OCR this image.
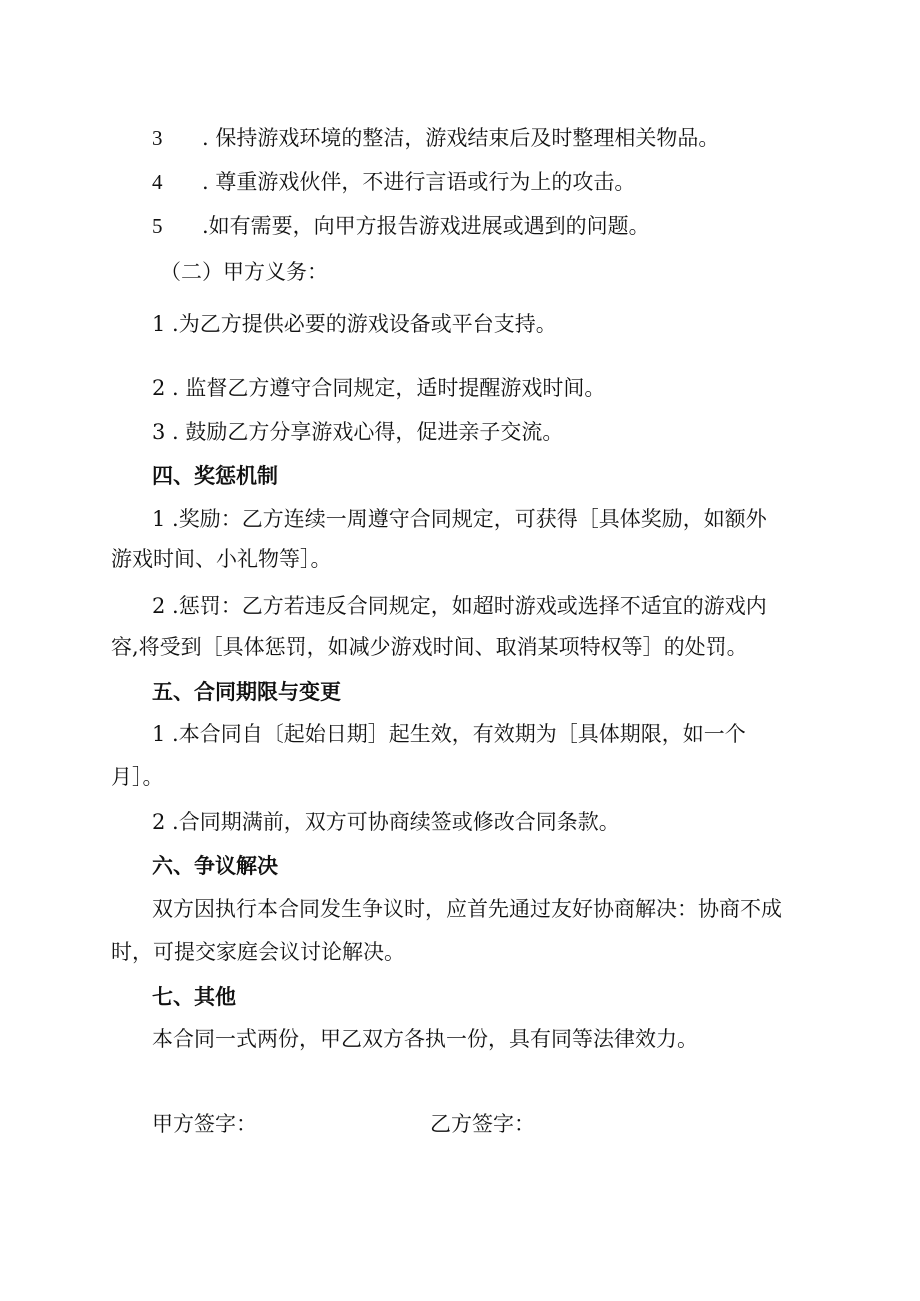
3 . 保持游戏环境的整洁，游戏结束后及时整理相关物品。

4 . 尊重游戏伙伴，不进行言语或行为上的攻击。

5 .如有需要，向甲方报告游戏进展或遇到的问题。

（二）甲方义务：

1 .为乙方提供必要的游戏设备或平台支持。

2 . 监督乙方遵守合同规定，适时提醒游戏时间。

3 . 鼓励乙方分享游戏心得，促进亲子交流。

四、奖惩机制

1 .奖励：乙方连续一周遵守合同规定，可获得［具体奖励，如额外

游戏时间、小礼物等］。

2 .惩罚：乙方若违反合同规定，如超时游戏或选择不适宜的游戏内

容,将受到［具体惩罚，如减少游戏时间、取消某项特权等］的处罚。

五、合同期限与变更

1 .本合同自〔起始日期］起生效，有效期为［具体期限，如一个

月］。

2 .合同期满前，双方可协商续签或修改合同条款。

六、争议解决

双方因执行本合同发生争议时，应首先通过友好协商解决：协商不成

时，可提交家庭会议讨论解决。

七、其他

本合同一式两份，甲乙双方各执一份，具有同等法律效力。

甲方签字：	乙方签字：
